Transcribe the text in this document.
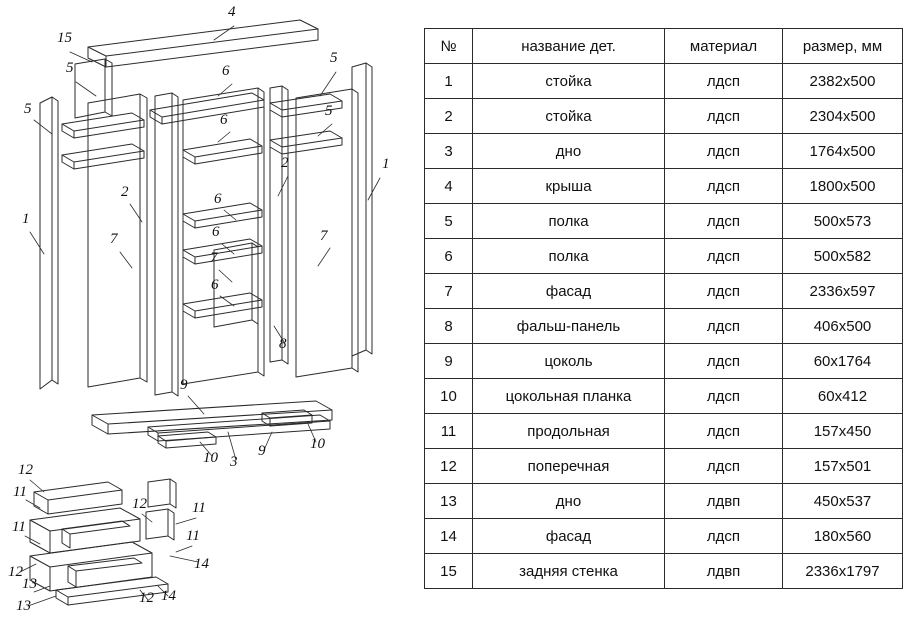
15
4
5	6
5
5
6
5
1
2
2
6
1
6
7	7
7
6
8
9
10
9
10 3
12
11
12	11
11
11
14
12
13
13	12 14
№	название дет.	материал	размер, мм
1	стойка	лдсп	2382x500
2	стойка	лдсп	2304x500
3	дно	лдсп	1764x500
4	крыша	лдсп	1800x500
5	полка	лдсп	500x573
6	полка	лдсп	500x582
7	фасад	лдсп	2336x597
8	фальш-панель	лдсп	406x500
9	цоколь	лдсп	60x1764
10	цокольная планка	лдсп	60x412
11	продольная	лдсп	157x450
12	поперечная	лдсп	157x501
13	дно	лдвп	450x537
14	фасад	лдсп	180x560
15	задняя стенка	лдвп	2336x1797
